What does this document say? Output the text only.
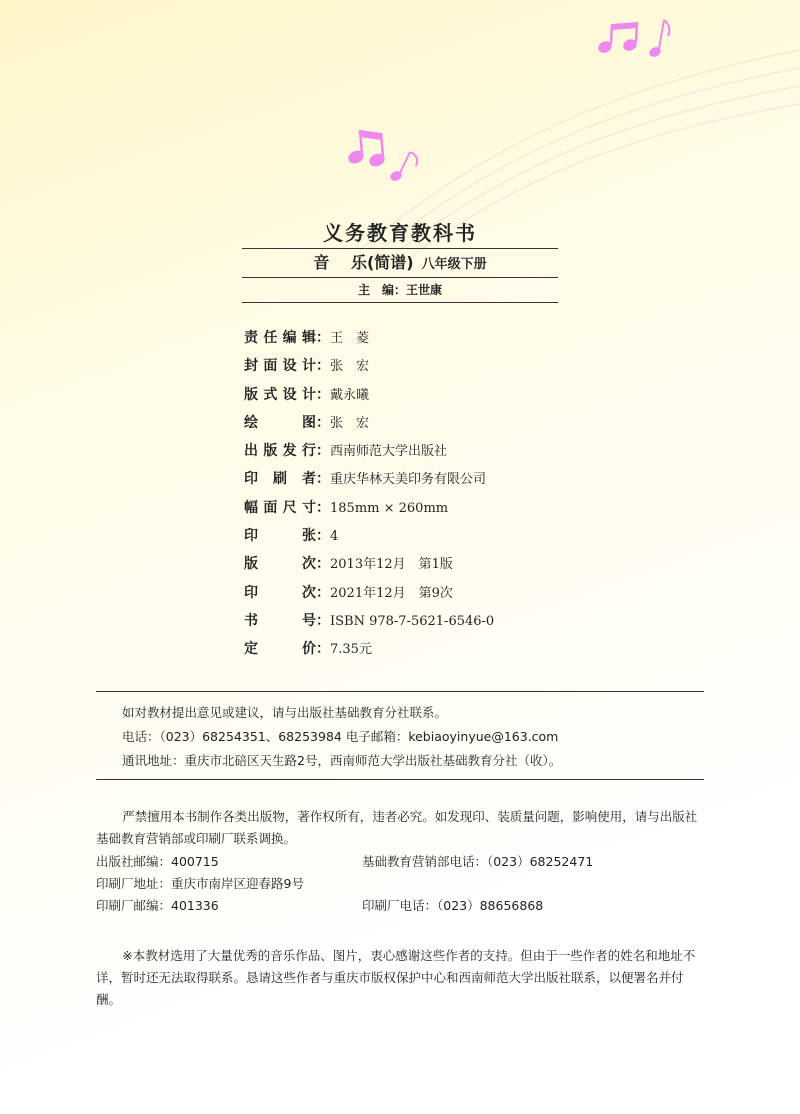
义务教育教科书
音　 乐(简谱) 八年级下册
主　编：王世康
责任编辑：王　菱
封面设计：张　宏
版式设计：戴永曦
绘图：张　宏
出版发行：西南师范大学出版社
印刷者：重庆华林天美印务有限公司
幅面尺寸：185mm × 260mm
印张：4
版次：2013年12月　第1版
印次：2021年12月　第9次
书号：ISBN 978-7-5621-6546-0
定价：7.35元
如对教材提出意见或建议，请与出版社基础教育分社联系。
电话：（023）68254351、68253984 电子邮箱：kebiaoyinyue@163.com
通讯地址：重庆市北碚区天生路2号，西南师范大学出版社基础教育分社（收）。

严禁擅用本书制作各类出版物，著作权所有，违者必究。如发现印、装质量问题，影响使用，请与出版社基础教育营销部或印刷厂联系调换。

出版社邮编：400715	基础教育营销部电话：（023）68252471
印刷厂地址：重庆市南岸区迎春路9号
印刷厂邮编：401336	印刷厂电话：（023）88656868

※本教材选用了大量优秀的音乐作品、图片，衷心感谢这些作者的支持。但由于一些作者的姓名和地址不详，暂时还无法取得联系。恳请这些作者与重庆市版权保护中心和西南师范大学出版社联系，以便署名并付酬。
